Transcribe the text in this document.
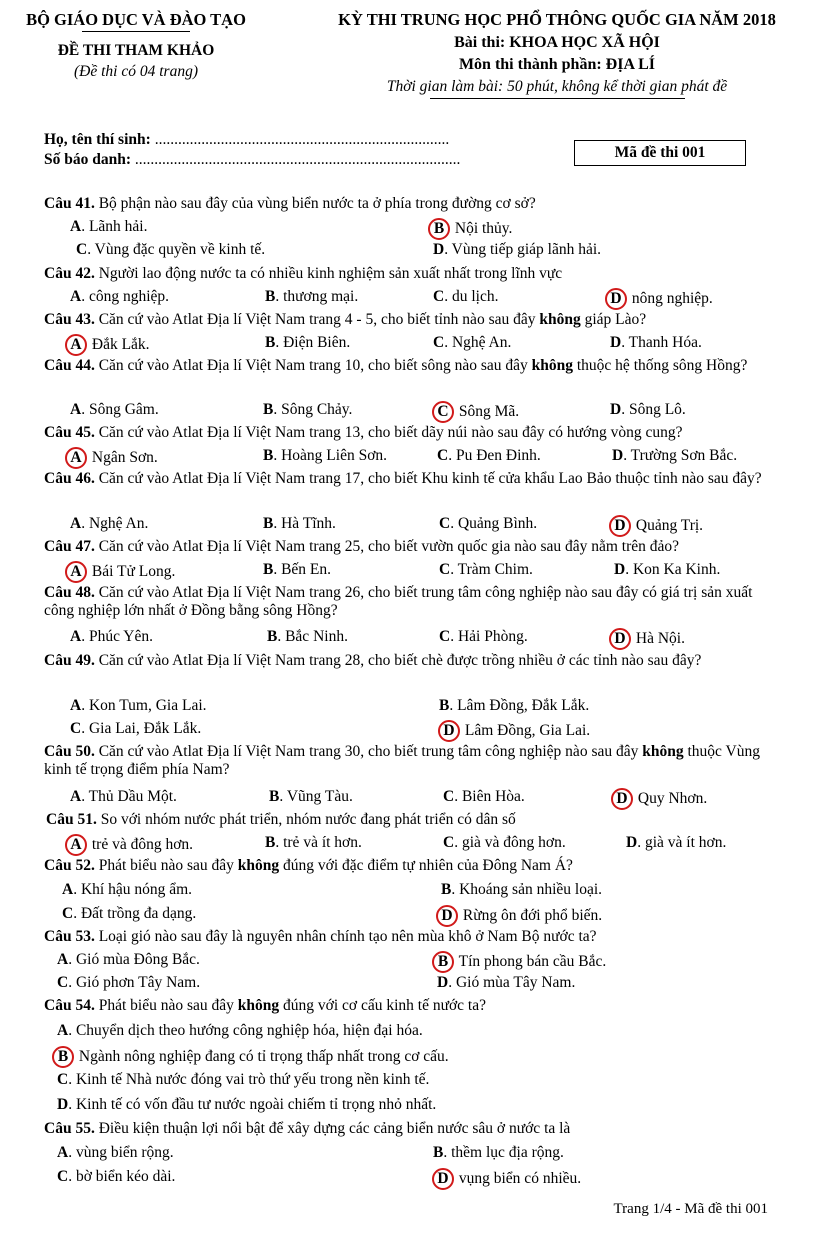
BỘ GIÁO DỤC VÀ ĐÀO TẠO
ĐỀ THI THAM KHẢO
(Đề thi có 04 trang)
KỲ THI TRUNG HỌC PHỔ THÔNG QUỐC GIA NĂM 2018
Bài thi: KHOA HỌC XÃ HỘI
Môn thi thành phần: ĐỊA LÍ
Thời gian làm bài: 50 phút, không kể thời gian phát đề
Họ, tên thí sinh: ............................................................................
Số báo danh: ....................................................................................	Mã đề thi 001
Câu 41. Bộ phận nào sau đây của vùng biển nước ta ở phía trong đường cơ sở?
A. Lãnh hải.	B Nội thủy.
C. Vùng đặc quyền về kinh tế.	D. Vùng tiếp giáp lãnh hải.
Câu 42. Người lao động nước ta có nhiều kinh nghiệm sản xuất nhất trong lĩnh vực
A. công nghiệp.	B. thương mại.	C. du lịch.	D nông nghiệp.
Câu 43. Căn cứ vào Atlat Địa lí Việt Nam trang 4 - 5, cho biết tỉnh nào sau đây không giáp Lào?
A Đắk Lắk.	B. Điện Biên.	C. Nghệ An.	D. Thanh Hóa.
Câu 44. Căn cứ vào Atlat Địa lí Việt Nam trang 10, cho biết sông nào sau đây không thuộc hệ thống sông Hồng?
A. Sông Gâm.	B. Sông Chảy.	C Sông Mã.	D. Sông Lô.
Câu 45. Căn cứ vào Atlat Địa lí Việt Nam trang 13, cho biết dãy núi nào sau đây có hướng vòng cung?
A Ngân Sơn.	B. Hoàng Liên Sơn.	C. Pu Đen Đinh.	D. Trường Sơn Bắc.
Câu 46. Căn cứ vào Atlat Địa lí Việt Nam trang 17, cho biết Khu kinh tế cửa khẩu Lao Bảo thuộc tỉnh nào sau đây?
A. Nghệ An.	B. Hà Tĩnh.	C. Quảng Bình.	D Quảng Trị.
Câu 47. Căn cứ vào Atlat Địa lí Việt Nam trang 25, cho biết vườn quốc gia nào sau đây nằm trên đảo?
A Bái Tử Long.	B. Bến En.	C. Tràm Chim.	D. Kon Ka Kinh.
Câu 48. Căn cứ vào Atlat Địa lí Việt Nam trang 26, cho biết trung tâm công nghiệp nào sau đây có giá trị sản xuất công nghiệp lớn nhất ở Đồng bằng sông Hồng?
A. Phúc Yên.	B. Bắc Ninh.	C. Hải Phòng.	D Hà Nội.
Câu 49. Căn cứ vào Atlat Địa lí Việt Nam trang 28, cho biết chè được trồng nhiều ở các tỉnh nào sau đây?
A. Kon Tum, Gia Lai.	B. Lâm Đồng, Đắk Lắk.
C. Gia Lai, Đắk Lắk.	D Lâm Đồng, Gia Lai.
Câu 50. Căn cứ vào Atlat Địa lí Việt Nam trang 30, cho biết trung tâm công nghiệp nào sau đây không thuộc Vùng kinh tế trọng điểm phía Nam?
A. Thủ Dầu Một.	B. Vũng Tàu.	C. Biên Hòa.	D Quy Nhơn.
Câu 51. So với nhóm nước phát triển, nhóm nước đang phát triển có dân số
A trẻ và đông hơn.	B. trẻ và ít hơn.	C. già và đông hơn.	D. già và ít hơn.
Câu 52. Phát biểu nào sau đây không đúng với đặc điểm tự nhiên của Đông Nam Á?
A. Khí hậu nóng ẩm.	B. Khoáng sản nhiều loại.
C. Đất trồng đa dạng.	D Rừng ôn đới phổ biến.
Câu 53. Loại gió nào sau đây là nguyên nhân chính tạo nên mùa khô ở Nam Bộ nước ta?
A. Gió mùa Đông Bắc.	B Tín phong bán cầu Bắc.
C. Gió phơn Tây Nam.	D. Gió mùa Tây Nam.
Câu 54. Phát biểu nào sau đây không đúng với cơ cấu kinh tế nước ta?
A. Chuyển dịch theo hướng công nghiệp hóa, hiện đại hóa.
B Ngành nông nghiệp đang có tỉ trọng thấp nhất trong cơ cấu.
C. Kinh tế Nhà nước đóng vai trò thứ yếu trong nền kinh tế.
D. Kinh tế có vốn đầu tư nước ngoài chiếm tỉ trọng nhỏ nhất.
Câu 55. Điều kiện thuận lợi nổi bật để xây dựng các cảng biển nước sâu ở nước ta là
A. vùng biển rộng.	B. thềm lục địa rộng.
C. bờ biển kéo dài.	D vụng biển có nhiều.
Trang 1/4 - Mã đề thi 001
